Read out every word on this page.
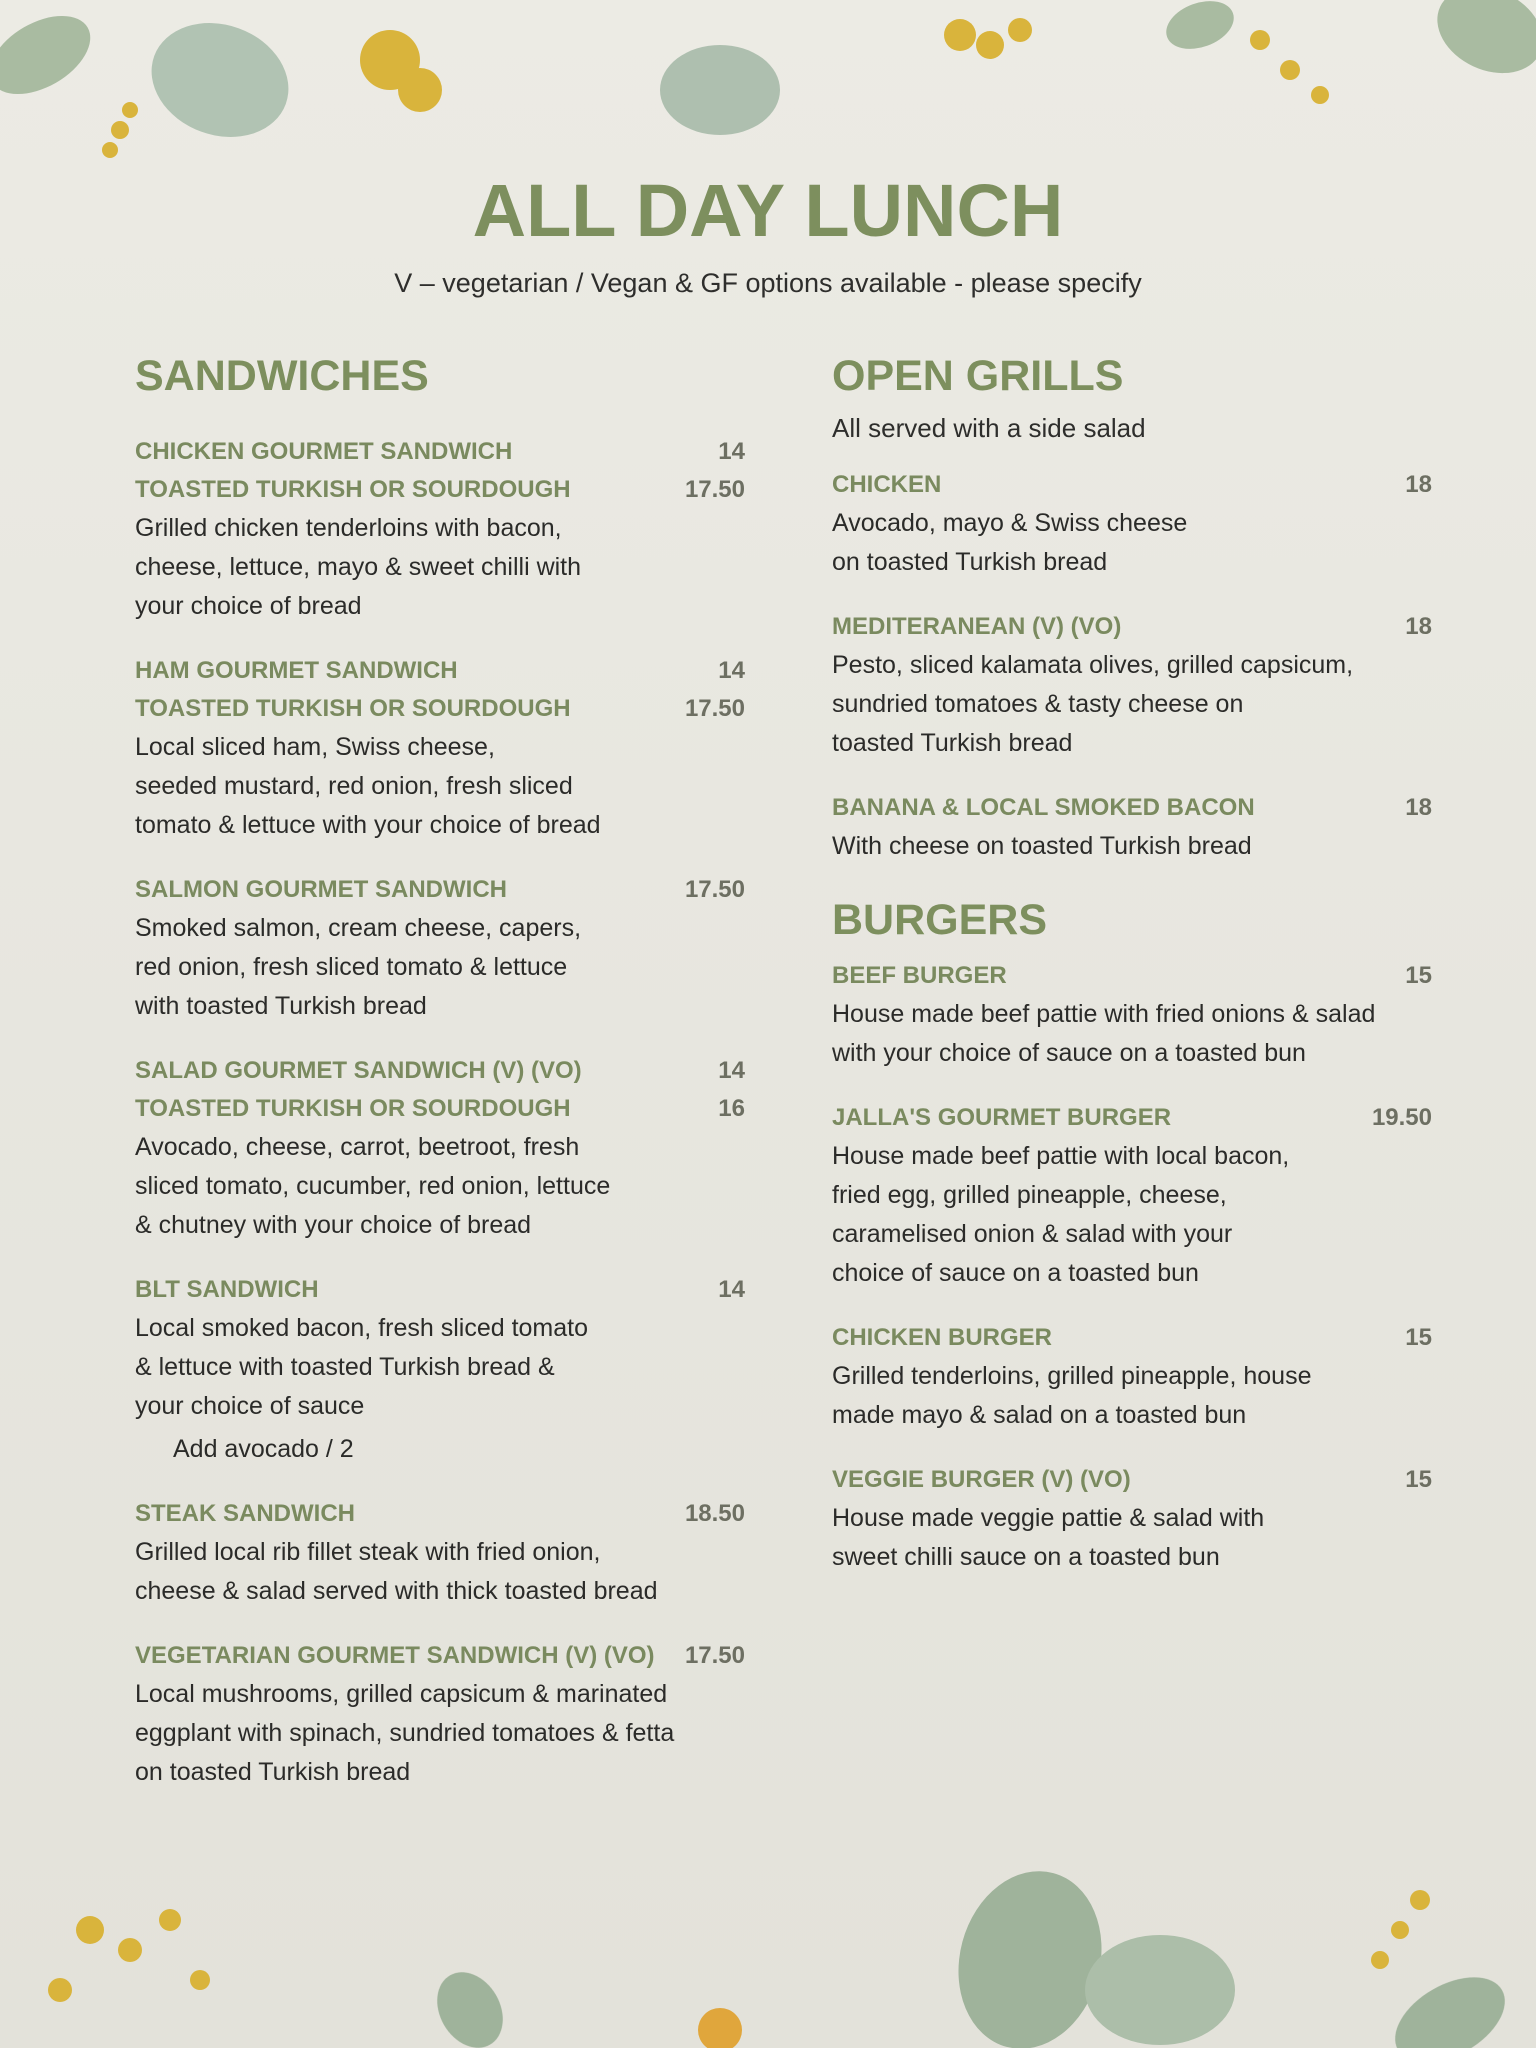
ALL DAY LUNCH
V – vegetarian / Vegan & GF options available - please specify
SANDWICHES
CHICKEN GOURMET SANDWICH	14
TOASTED TURKISH OR SOURDOUGH	17.50
Grilled chicken tenderloins with bacon,
cheese, lettuce, mayo & sweet chilli with
your choice of bread
HAM GOURMET SANDWICH	14
TOASTED TURKISH OR SOURDOUGH	17.50
Local sliced ham, Swiss cheese,
seeded mustard, red onion, fresh sliced
tomato & lettuce with your choice of bread
SALMON GOURMET SANDWICH	17.50
Smoked salmon, cream cheese, capers,
red onion, fresh sliced tomato & lettuce
with toasted Turkish bread
SALAD GOURMET SANDWICH (V) (VO)	14
TOASTED TURKISH OR SOURDOUGH	16
Avocado, cheese, carrot, beetroot, fresh
sliced tomato, cucumber, red onion, lettuce
& chutney with your choice of bread
BLT SANDWICH	14
Local smoked bacon, fresh sliced tomato
& lettuce with toasted Turkish bread &
your choice of sauce
Add avocado / 2
STEAK SANDWICH	18.50
Grilled local rib fillet steak with fried onion,
cheese & salad served with thick toasted bread
VEGETARIAN GOURMET SANDWICH (V) (VO) 17.50
Local mushrooms, grilled capsicum & marinated
eggplant with spinach, sundried tomatoes & fetta
on toasted Turkish bread
OPEN GRILLS
All served with a side salad
CHICKEN	18
Avocado, mayo & Swiss cheese
on toasted Turkish bread
MEDITERANEAN (V) (VO)	18
Pesto, sliced kalamata olives, grilled capsicum,
sundried tomatoes & tasty cheese on
toasted Turkish bread
BANANA & LOCAL SMOKED BACON	18
With cheese on toasted Turkish bread
BURGERS
BEEF BURGER	15
House made beef pattie with fried onions & salad
with your choice of sauce on a toasted bun
JALLA'S GOURMET BURGER	19.50
House made beef pattie with local bacon,
fried egg, grilled pineapple, cheese,
caramelised onion & salad with your
choice of sauce on a toasted bun
CHICKEN BURGER	15
Grilled tenderloins, grilled pineapple, house
made mayo & salad on a toasted bun
VEGGIE BURGER (V) (VO)	15
House made veggie pattie & salad with
sweet chilli sauce on a toasted bun
